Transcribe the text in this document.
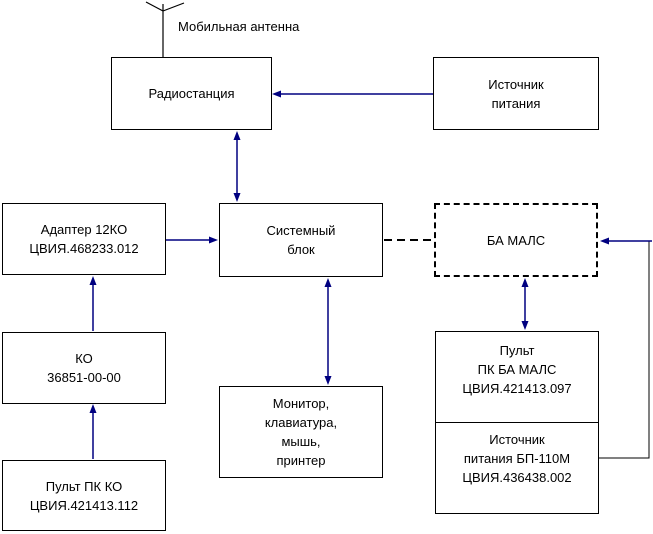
Мобильная антенна
Радиостанция
Источник
питания
Адаптер 12КО
ЦВИЯ.468233.012
Системный
блок
БА МАЛС
КО
36851-00-00
Монитор,
клавиатура,
мышь,
принтер
Пульт
ПК БА МАЛС
ЦВИЯ.421413.097
Источник
питания БП-110М
ЦВИЯ.436438.002
Пульт ПК КО
ЦВИЯ.421413.112
